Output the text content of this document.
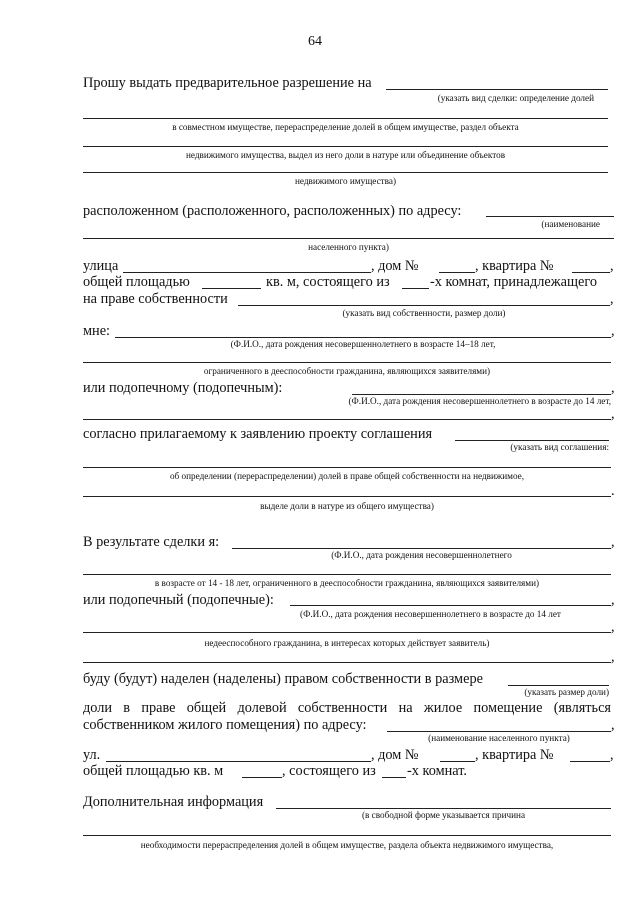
64
Прошу выдать предварительное разрешение на
(указать вид сделки: определение долей
в совместном имуществе, перераспределение долей в общем имуществе, раздел объекта
недвижимого имущества, выдел из него доли в натуре или объединение объектов
недвижимого имущества)
расположенном (расположенного, расположенных) по адресу:
(наименование
населенного пункта)
улица	, дом №	, квартира №	,
общей площадью	кв. м, состоящего из	-х комнат, принадлежащего
на праве собственности	,
(указать вид собственности, размер доли)
мне:	,
(Ф.И.О., дата рождения несовершеннолетнего в возрасте 14–18 лет,
ограниченного в дееспособности гражданина, являющихся заявителями)
или подопечному (подопечным):	,
(Ф.И.О., дата рождения несовершеннолетнего в возрасте до 14 лет,
,
согласно прилагаемому к заявлению проекту соглашения
(указать вид соглашения:
об определении (перераспределении) долей в праве общей собственности на недвижимое,
.
выделе доли в натуре из общего имущества)
В результате сделки я:	,
(Ф.И.О., дата рождения несовершеннолетнего
в возрасте от 14 - 18 лет, ограниченного в дееспособности гражданина, являющихся заявителями)
или подопечный (подопечные):	,
(Ф.И.О., дата рождения несовершеннолетнего в возрасте до 14 лет
,
недееспособного гражданина, в интересах которых действует заявитель)
,
буду (будут) наделен (наделены) правом собственности в размере
(указать размер доли)
доли в праве общей долевой собственности на жилое помещение (являться
собственником жилого помещения) по адресу:	,
(наименование населенного пункта)
ул.	, дом №	, квартира №	,
общей площадью кв. м	, состоящего из -х комнат.
Дополнительная информация
(в свободной форме указывается причина
необходимости перераспределения долей в общем имуществе, раздела объекта недвижимого имущества,
